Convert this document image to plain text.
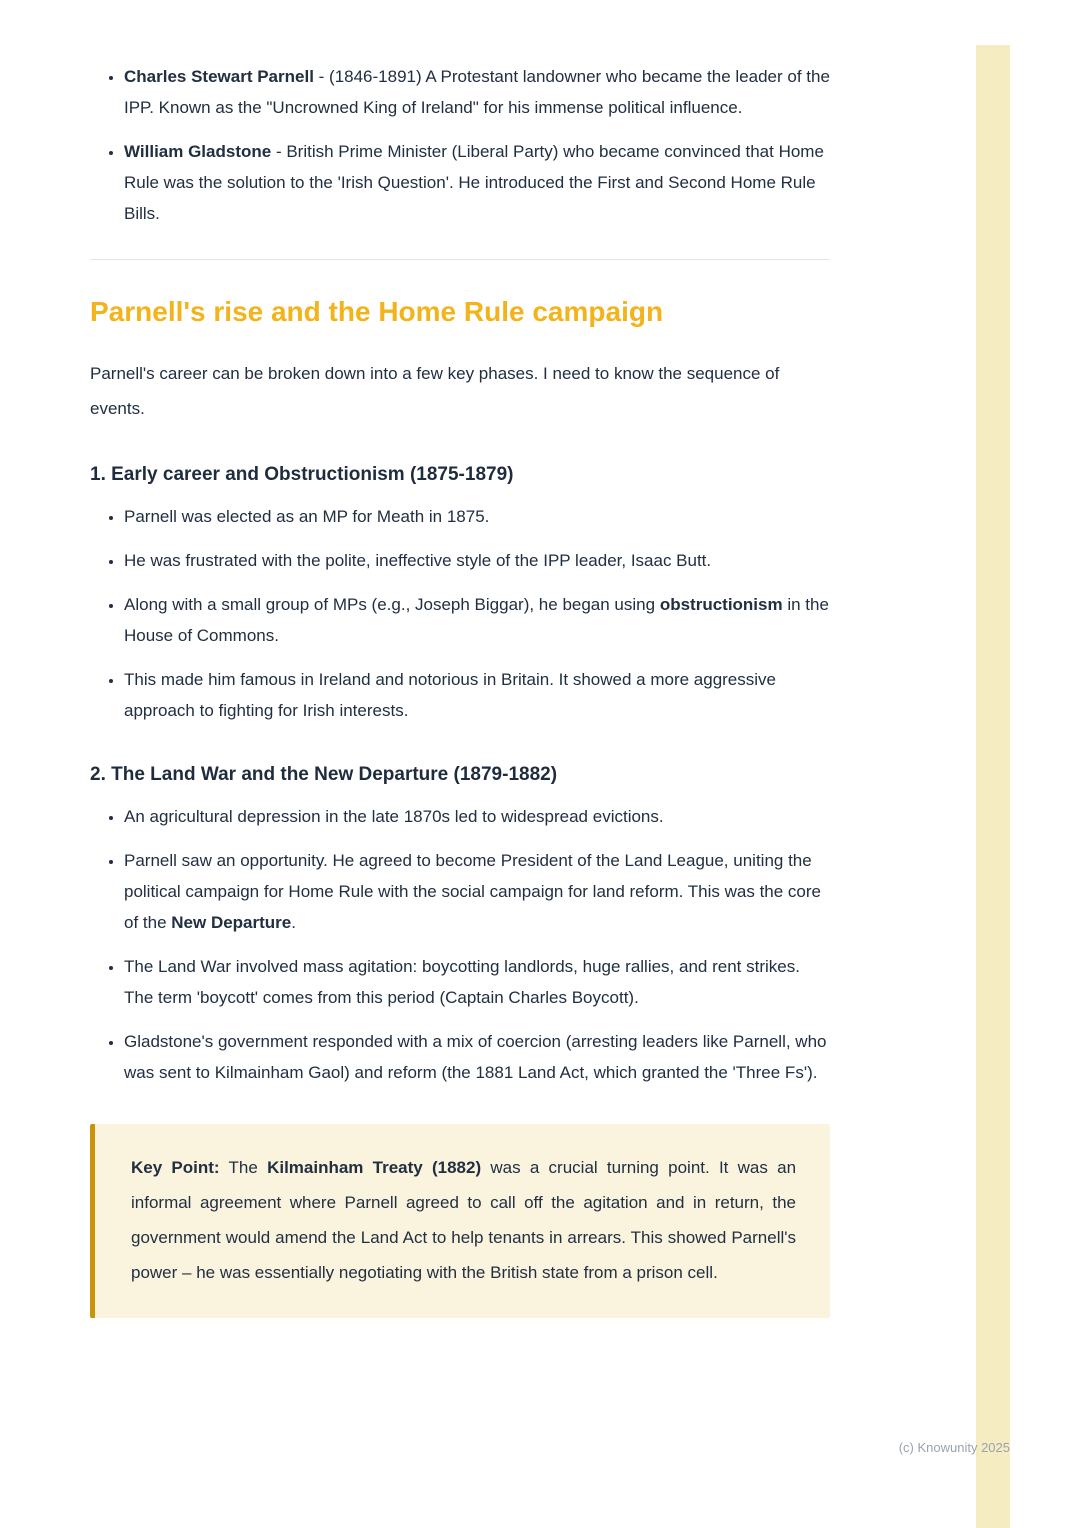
(c) Knowunity 2025
• Charles Stewart Parnell - (1846-1891) A Protestant landowner who became the leader of the IPP. Known as the "Uncrowned King of Ireland" for his immense political influence.
• William Gladstone - British Prime Minister (Liberal Party) who became convinced that Home Rule was the solution to the 'Irish Question'. He introduced the First and Second Home Rule Bills.
Parnell's rise and the Home Rule campaign

Parnell's career can be broken down into a few key phases. I need to know the sequence of events.

1. Early career and Obstructionism (1875-1879)
• Parnell was elected as an MP for Meath in 1875.
• He was frustrated with the polite, ineffective style of the IPP leader, Isaac Butt.
• Along with a small group of MPs (e.g., Joseph Biggar), he began using obstructionism in the House of Commons.
• This made him famous in Ireland and notorious in Britain. It showed a more aggressive approach to fighting for Irish interests.
2. The Land War and the New Departure (1879-1882)
• An agricultural depression in the late 1870s led to widespread evictions.
• Parnell saw an opportunity. He agreed to become President of the Land League, uniting the political campaign for Home Rule with the social campaign for land reform. This was the core of the New Departure.
• The Land War involved mass agitation: boycotting landlords, huge rallies, and rent strikes. The term 'boycott' comes from this period (Captain Charles Boycott).
• Gladstone's government responded with a mix of coercion (arresting leaders like Parnell, who was sent to Kilmainham Gaol) and reform (the 1881 Land Act, which granted the 'Three Fs').

Key Point: The Kilmainham Treaty (1882) was a crucial turning point. It was an informal agreement where Parnell agreed to call off the agitation and in return, the government would amend the Land Act to help tenants in arrears. This showed Parnell's power – he was essentially negotiating with the British state from a prison cell.
